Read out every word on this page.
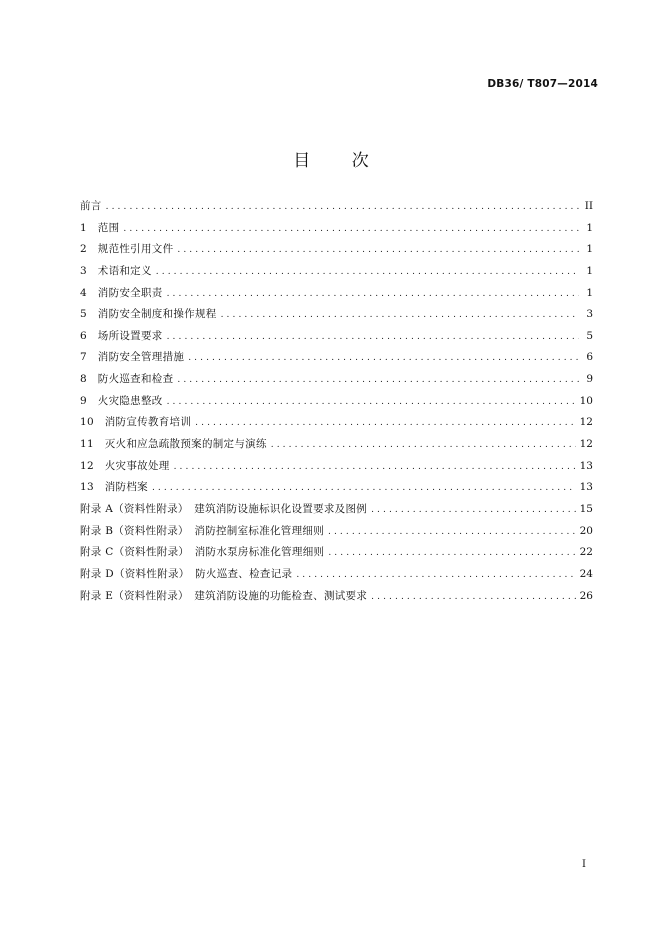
DB36/ T807—2014
目 次
前言 .....	II
1　范围 .....	1
2　规范性引用文件 .....	1
3　术语和定义 .....	1
4　消防安全职责 .....	1
5　消防安全制度和操作规程 .....	3
6　场所设置要求 .....	5
7　消防安全管理措施 .....	6
8　防火巡查和检查 .....	9
9　火灾隐患整改 .....	10
10　消防宣传教育培训 .....	12
11　灭火和应急疏散预案的制定与演练 .....	12
12　火灾事故处理 .....	13
13　消防档案 .....	13
附录 A（资料性附录）　建筑消防设施标识化设置要求及图例 .....	15
附录 B（资料性附录）　消防控制室标准化管理细则 .....	20
附录 C（资料性附录）　消防水泵房标准化管理细则 .....	22
附录 D（资料性附录）　防火巡查、检查记录 .....	24
附录 E（资料性附录）　建筑消防设施的功能检查、测试要求 .....	26
I
